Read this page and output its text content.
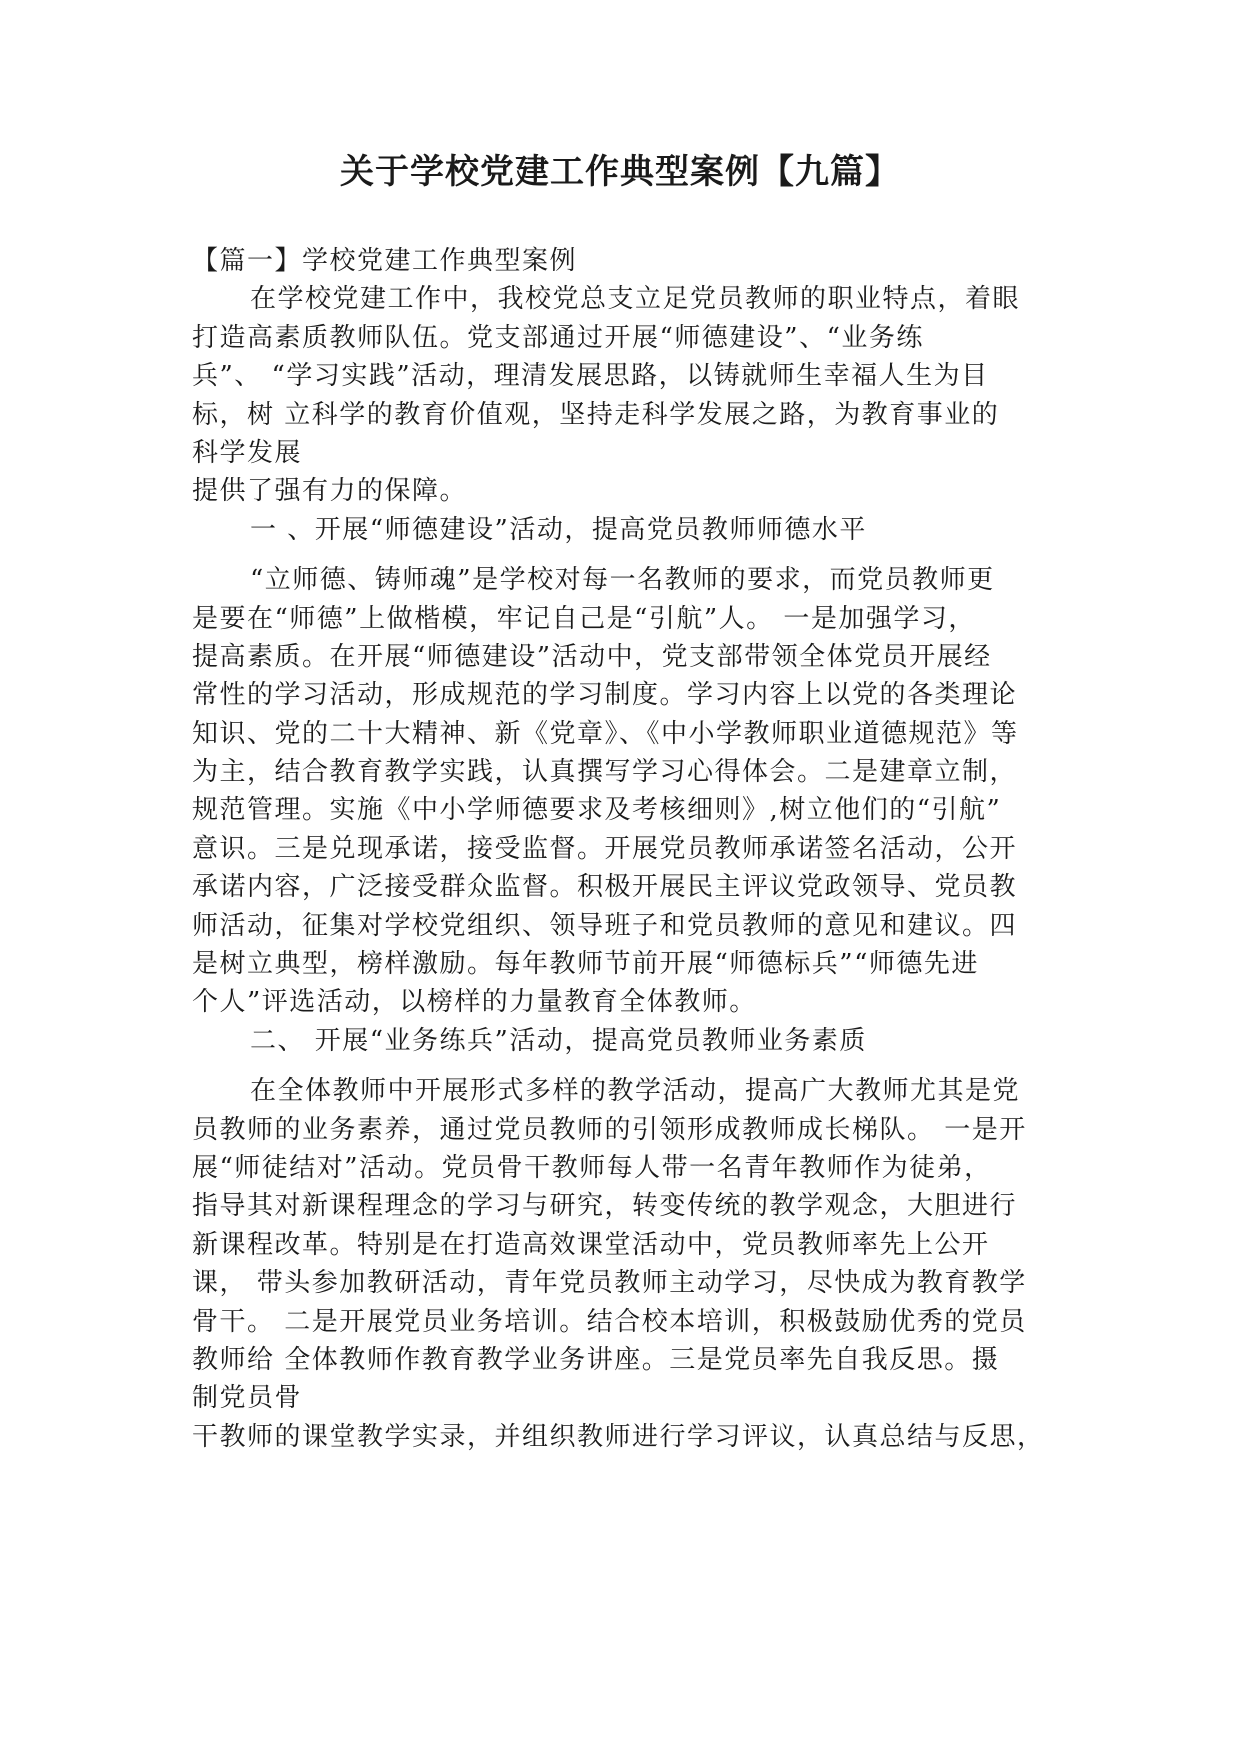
关于学校党建工作典型案例【九篇】
【篇一】学校党建工作典型案例
在学校党建工作中，我校党总支立足党员教师的职业特点，着眼
打造高素质教师队伍。党支部通过开展“师德建设”、“业务练
兵”、 “学习实践”活动，理清发展思路，以铸就师生幸福人生为目
标，树 立科学的教育价值观，坚持走科学发展之路，为教育事业的
科学发展
提供了强有力的保障。
一 、开展“师德建设”活动，提高党员教师师德水平
“立师德、铸师魂”是学校对每一名教师的要求，而党员教师更
是要在“师德”上做楷模，牢记自己是“引航”人。 一是加强学习，
提高素质。在开展“师德建设”活动中，党支部带领全体党员开展经
常性的学习活动，形成规范的学习制度。学习内容上以党的各类理论
知识、党的二十大精神、新《党章》、《中小学教师职业道德规范》等
为主，结合教育教学实践，认真撰写学习心得体会。二是建章立制，
规范管理。实施《中小学师德要求及考核细则》,树立他们的“引航”
意识。三是兑现承诺，接受监督。开展党员教师承诺签名活动，公开
承诺内容，广泛接受群众监督。积极开展民主评议党政领导、党员教
师活动，征集对学校党组织、领导班子和党员教师的意见和建议。四
是树立典型，榜样激励。每年教师节前开展“师德标兵”“师德先进
个人”评选活动，以榜样的力量教育全体教师。
二、 开展“业务练兵”活动，提高党员教师业务素质
在全体教师中开展形式多样的教学活动，提高广大教师尤其是党
员教师的业务素养，通过党员教师的引领形成教师成长梯队。 一是开
展“师徒结对”活动。党员骨干教师每人带一名青年教师作为徒弟，
指导其对新课程理念的学习与研究，转变传统的教学观念，大胆进行
新课程改革。特别是在打造高效课堂活动中，党员教师率先上公开
课， 带头参加教研活动，青年党员教师主动学习，尽快成为教育教学
骨干。 二是开展党员业务培训。结合校本培训，积极鼓励优秀的党员
教师给 全体教师作教育教学业务讲座。三是党员率先自我反思。摄
制党员骨
干教师的课堂教学实录，并组织教师进行学习评议，认真总结与反思，
